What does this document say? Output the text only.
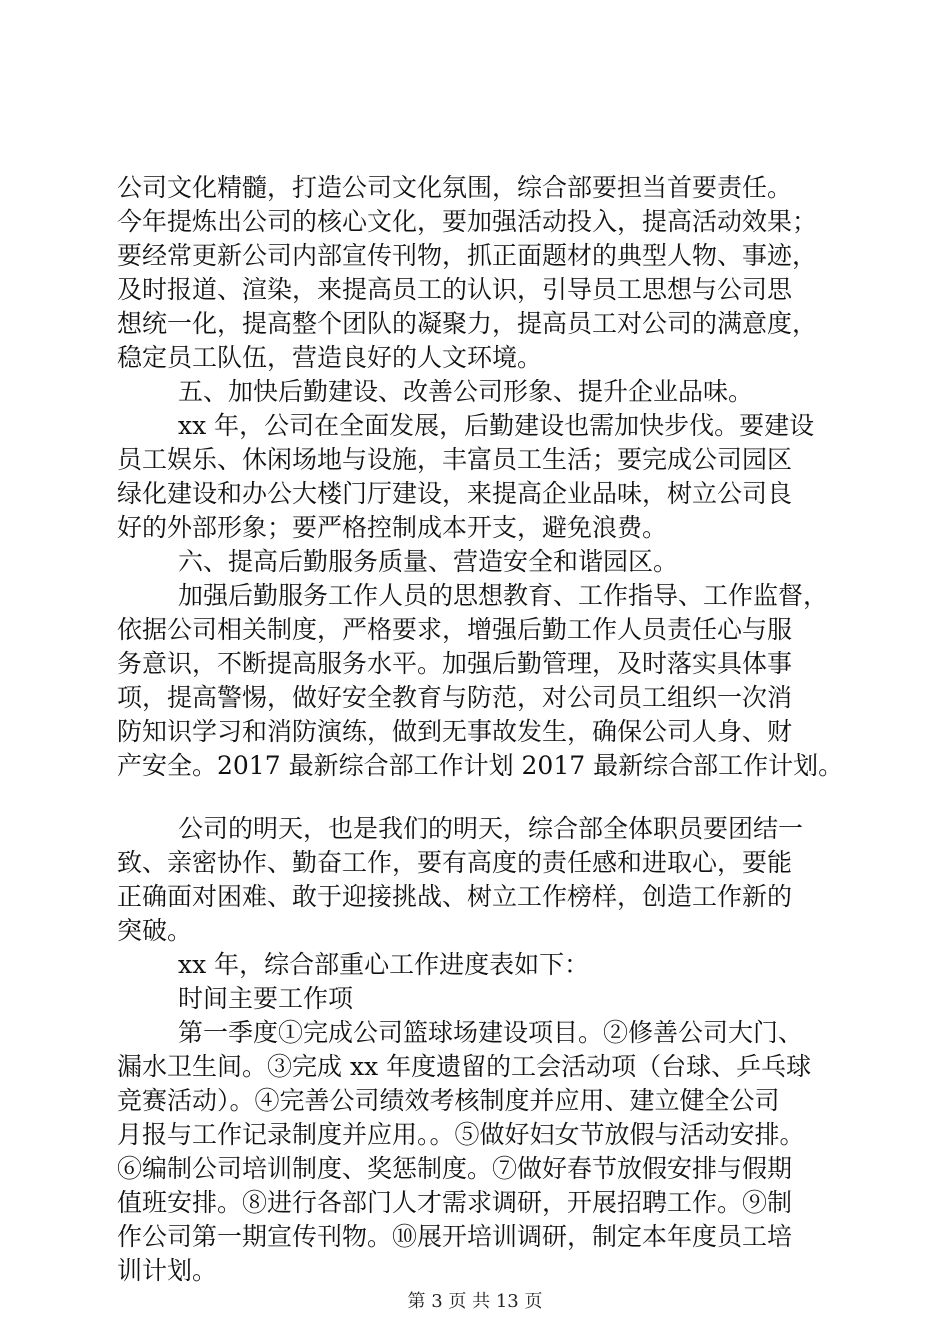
公司文化精髓，打造公司文化氛围，综合部要担当首要责任。
今年提炼出公司的核心文化，要加强活动投入，提高活动效果；
要经常更新公司内部宣传刊物，抓正面题材的典型人物、事迹，
及时报道、渲染，来提高员工的认识，引导员工思想与公司思
想统一化，提高整个团队的凝聚力，提高员工对公司的满意度，
稳定员工队伍，营造良好的人文环境。
五、加快后勤建设、改善公司形象、提升企业品味。
xx 年，公司在全面发展，后勤建设也需加快步伐。要建设
员工娱乐、休闲场地与设施，丰富员工生活；要完成公司园区
绿化建设和办公大楼门厅建设，来提高企业品味，树立公司良
好的外部形象；要严格控制成本开支，避免浪费。
六、提高后勤服务质量、营造安全和谐园区。
加强后勤服务工作人员的思想教育、工作指导、工作监督，
依据公司相关制度，严格要求，增强后勤工作人员责任心与服
务意识，不断提高服务水平。加强后勤管理，及时落实具体事
项，提高警惕，做好安全教育与防范，对公司员工组织一次消
防知识学习和消防演练，做到无事故发生，确保公司人身、财
产安全。2017 最新综合部工作计划 2017 最新综合部工作计划。
公司的明天，也是我们的明天，综合部全体职员要团结一
致、亲密协作、勤奋工作，要有高度的责任感和进取心，要能
正确面对困难、敢于迎接挑战、树立工作榜样，创造工作新的
突破。
xx 年，综合部重心工作进度表如下：
时间主要工作项
第一季度①完成公司篮球场建设项目。②修善公司大门、
漏水卫生间。③完成 xx 年度遗留的工会活动项（台球、乒乓球
竞赛活动）。④完善公司绩效考核制度并应用、建立健全公司
月报与工作记录制度并应用。。⑤做好妇女节放假与活动安排。
⑥编制公司培训制度、奖惩制度。⑦做好春节放假安排与假期
值班安排。⑧进行各部门人才需求调研，开展招聘工作。⑨制
作公司第一期宣传刊物。⑩展开培训调研，制定本年度员工培
训计划。
第 3 页 共 13 页
